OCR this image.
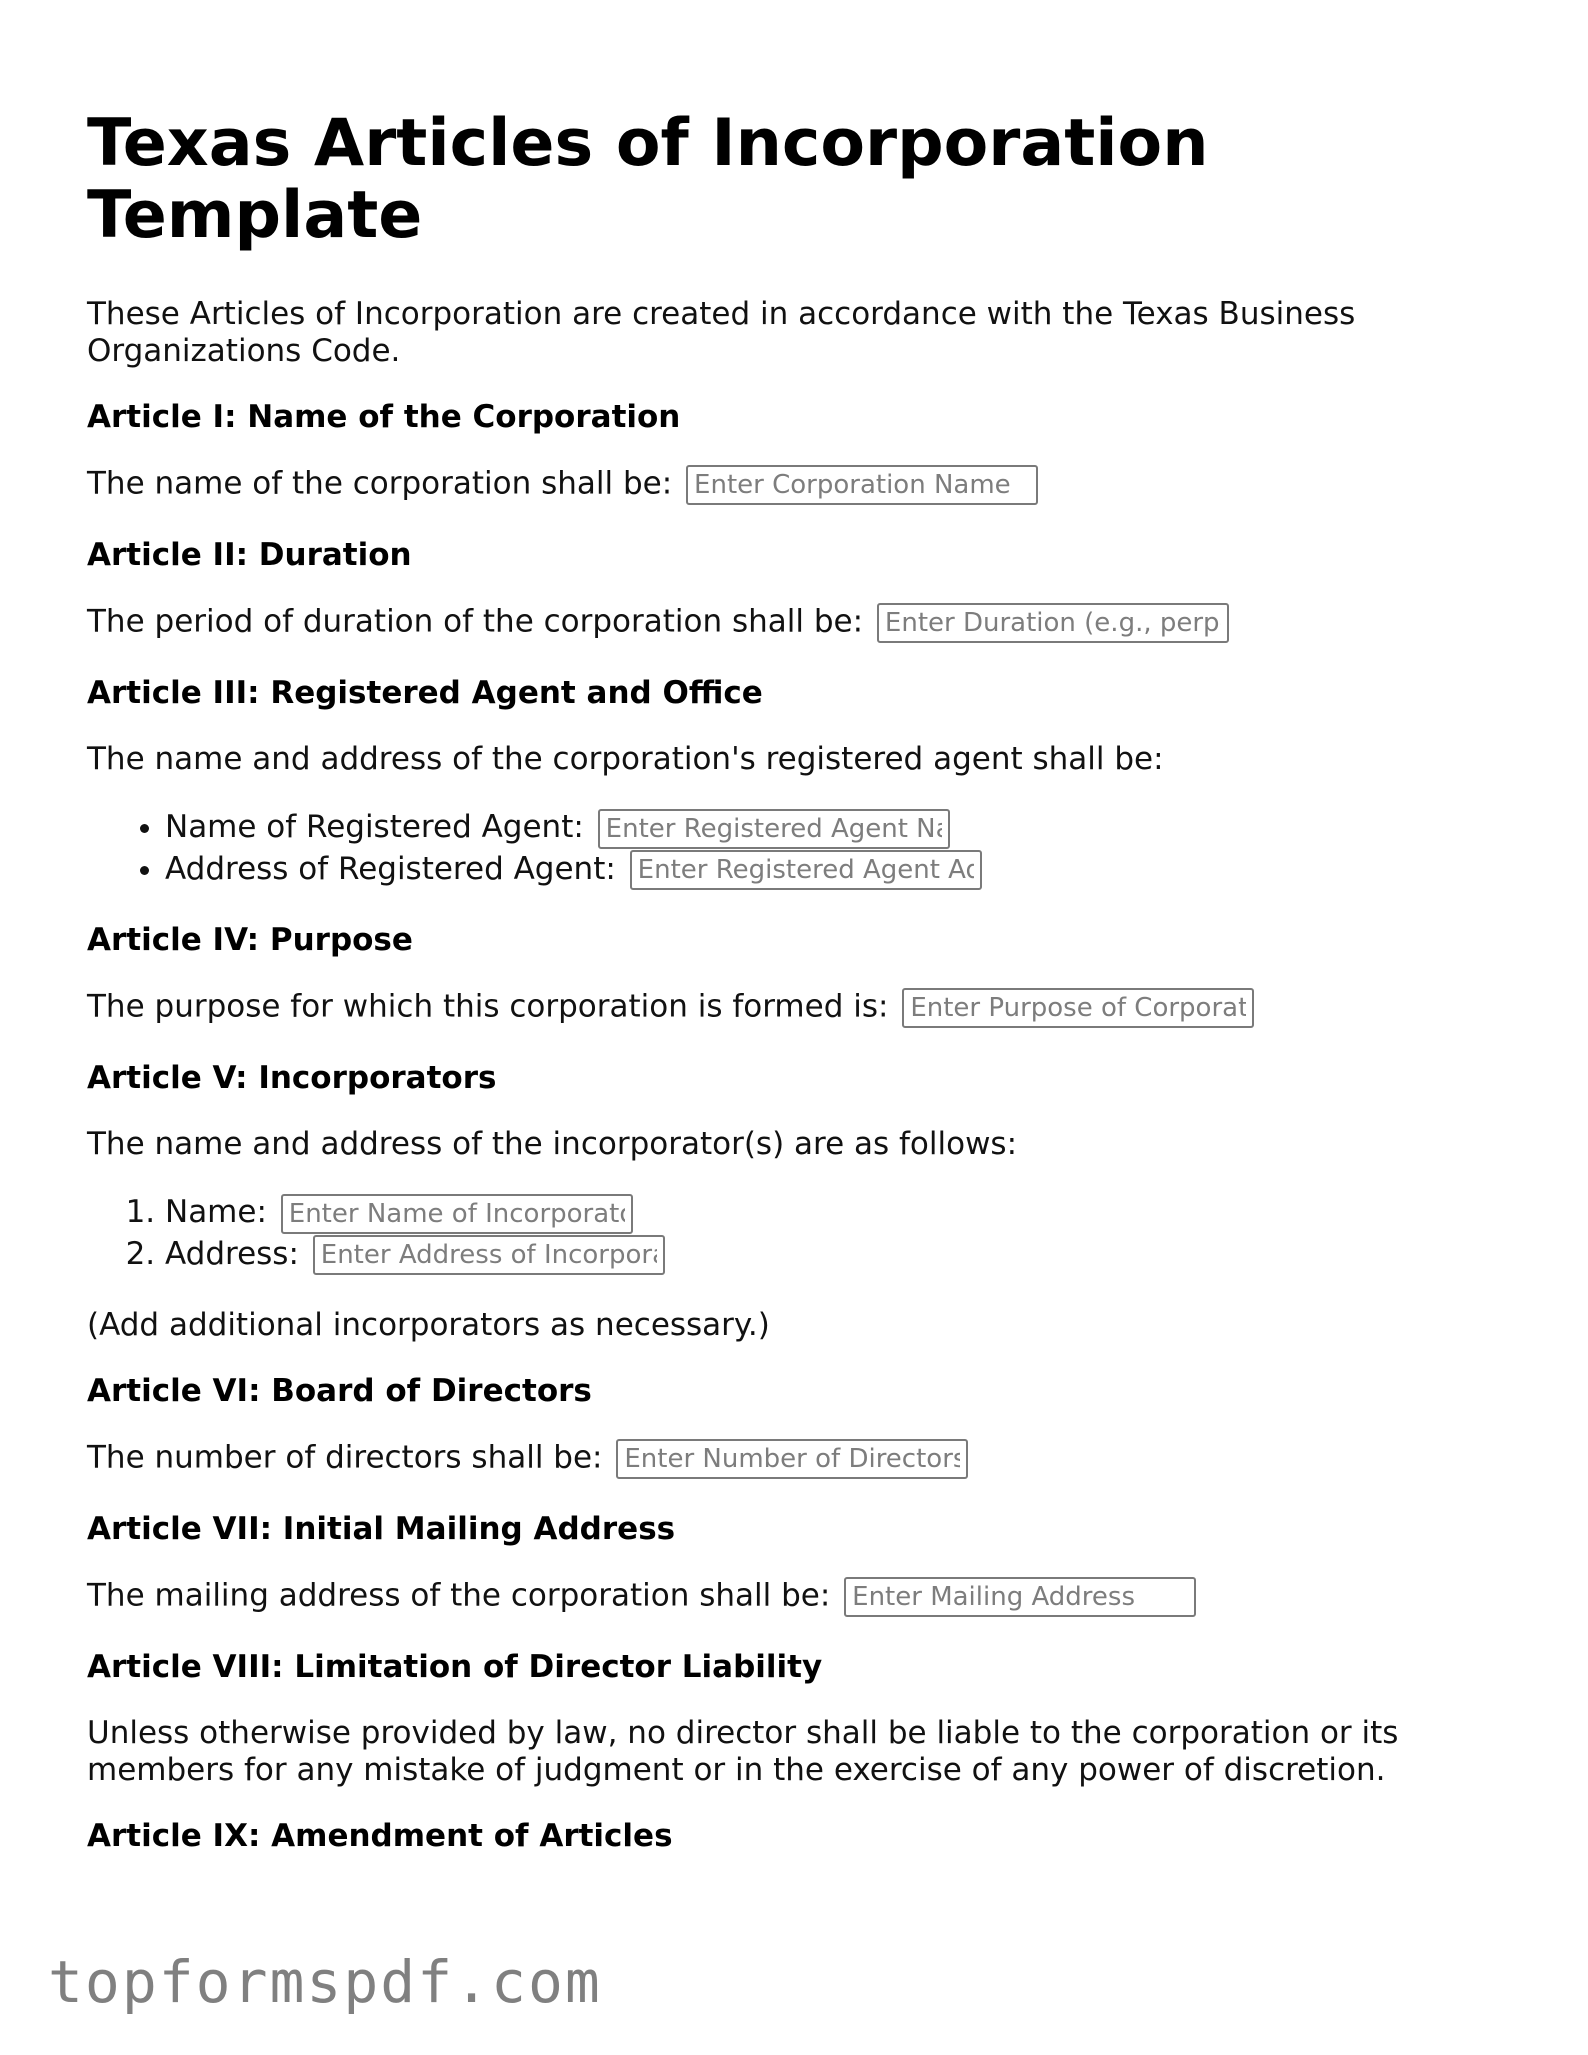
Texas Articles of Incorporation Template

These Articles of Incorporation are created in accordance with the Texas Business Organizations Code.

Article I: Name of the Corporation
The name of the corporation shall be: Enter Corporation Name
Article II: Duration
The period of duration of the corporation shall be: Enter Duration (e.g., perpetual)
Article III: Registered Agent and Office

The name and address of the corporation's registered agent shall be:

• Name of Registered Agent: Enter Registered Agent Name
• Address of Registered Agent: Enter Registered Agent Address
Article IV: Purpose
The purpose for which this corporation is formed is: Enter Purpose of Corporation
Article V: Incorporators

The name and address of the incorporator(s) are as follows:

1. Name: Enter Name of Incorporator
2. Address: Enter Address of Incorporator

(Add additional incorporators as necessary.)

Article VI: Board of Directors
The number of directors shall be: Enter Number of Directors
Article VII: Initial Mailing Address
The mailing address of the corporation shall be: Enter Mailing Address
Article VIII: Limitation of Director Liability

Unless otherwise provided by law, no director shall be liable to the corporation or its members for any mistake of judgment or in the exercise of any power of discretion.

Article IX: Amendment of Articles
topformspdf.com
